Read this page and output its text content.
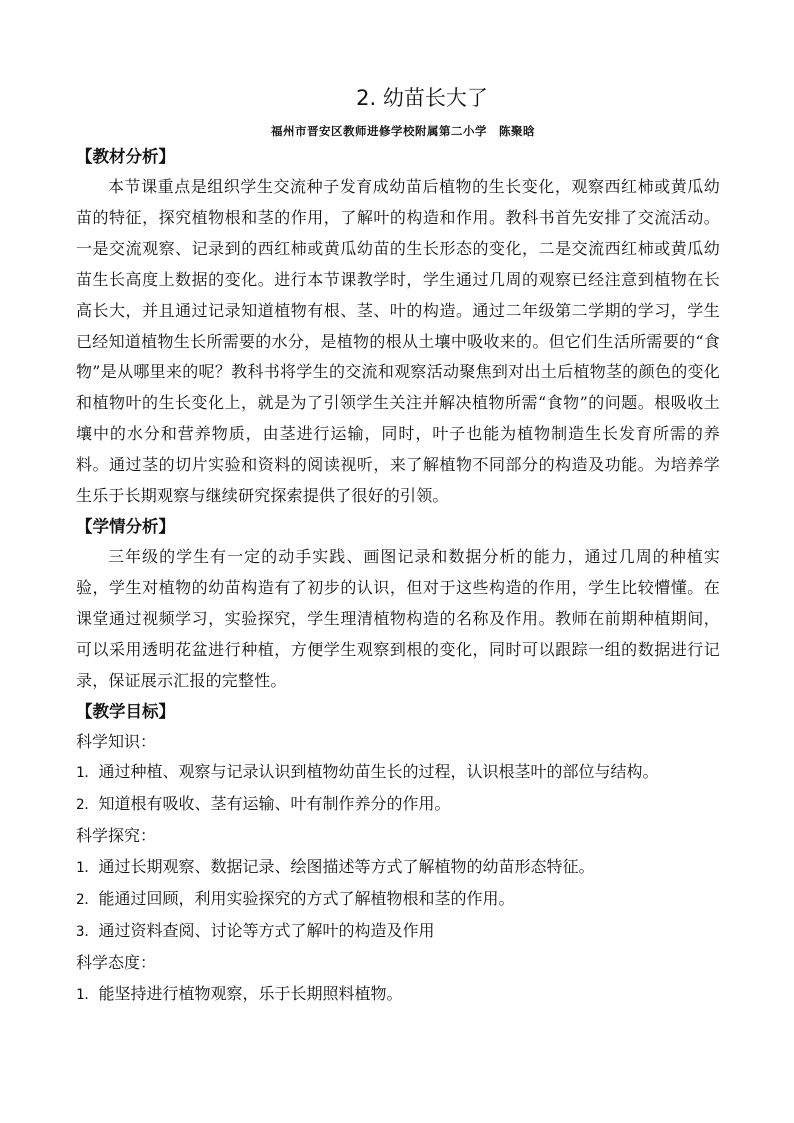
2. 幼苗长大了
福州市晋安区教师进修学校附属第二小学　陈聚晗
【教材分析】

本节课重点是组织学生交流种子发育成幼苗后植物的生长变化，观察西红柿或黄瓜幼苗的特征，探究植物根和茎的作用，了解叶的构造和作用。教科书首先安排了交流活动。一是交流观察、记录到的西红柿或黄瓜幼苗的生长形态的变化，二是交流西红柿或黄瓜幼苗生长高度上数据的变化。进行本节课教学时，学生通过几周的观察已经注意到植物在长高长大，并且通过记录知道植物有根、茎、叶的构造。通过二年级第二学期的学习，学生已经知道植物生长所需要的水分，是植物的根从土壤中吸收来的。但它们生活所需要的“食物”是从哪里来的呢？教科书将学生的交流和观察活动聚焦到对出土后植物茎的颜色的变化和植物叶的生长变化上，就是为了引领学生关注并解决植物所需“食物”的问题。根吸收土壤中的水分和营养物质，由茎进行运输，同时，叶子也能为植物制造生长发育所需的养料。通过茎的切片实验和资料的阅读视听，来了解植物不同部分的构造及功能。为培养学生乐于长期观察与继续研究探索提供了很好的引领。

【学情分析】

三年级的学生有一定的动手实践、画图记录和数据分析的能力，通过几周的种植实验，学生对植物的幼苗构造有了初步的认识，但对于这些构造的作用，学生比较懵懂。在课堂通过视频学习，实验探究，学生理清植物构造的名称及作用。教师在前期种植期间，可以采用透明花盆进行种植，方便学生观察到根的变化，同时可以跟踪一组的数据进行记录，保证展示汇报的完整性。

【教学目标】
科学知识：
1．通过种植、观察与记录认识到植物幼苗生长的过程，认识根茎叶的部位与结构。
2．知道根有吸收、茎有运输、叶有制作养分的作用。
科学探究：
1．通过长期观察、数据记录、绘图描述等方式了解植物的幼苗形态特征。
2．能通过回顾，利用实验探究的方式了解植物根和茎的作用。
3．通过资料查阅、讨论等方式了解叶的构造及作用
科学态度：
1．能坚持进行植物观察，乐于长期照料植物。
